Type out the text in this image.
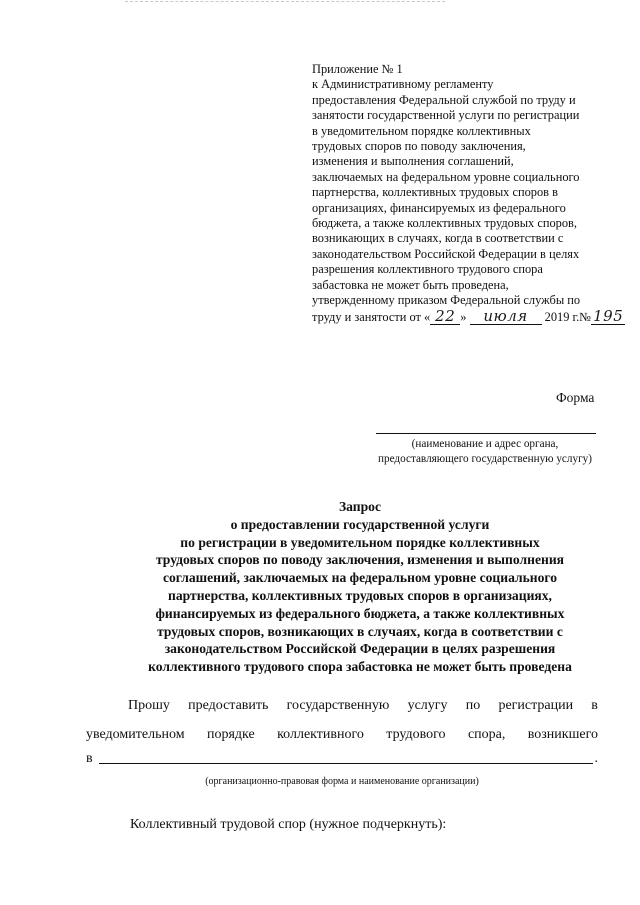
Приложение № 1
к Административному регламенту
предоставления Федеральной службой по труду и
занятости государственной услуги по регистрации
в уведомительном порядке коллективных
трудовых споров по поводу заключения,
изменения и выполнения соглашений,
заключаемых на федеральном уровне социального
партнерства, коллективных трудовых споров в
организациях, финансируемых из федерального
бюджета, а также коллективных трудовых споров,
возникающих в случаях, когда в соответствии с
законодательством Российской Федерации в целях
разрешения коллективного трудового спора
забастовка не может быть проведена,
утвержденному приказом Федеральной службы по
труду и занятости от « 22 » июля 2019 г.№ 195
Форма
(наименование и адрес органа,
предоставляющего государственную услугу)
Запрос
о предоставлении государственной услуги
по регистрации в уведомительном порядке коллективных
трудовых споров по поводу заключения, изменения и выполнения
соглашений, заключаемых на федеральном уровне социального
партнерства, коллективных трудовых споров в организациях,
финансируемых из федерального бюджета, а также коллективных
трудовых споров, возникающих в случаях, когда в соответствии с
законодательством Российской Федерации в целях разрешения
коллективного трудового спора забастовка не может быть проведена
Прошу предоставить государственную услугу по регистрации в
уведомительном порядке коллективного трудового спора, возникшего
в	.
(организационно-правовая форма и наименование организации)
Коллективный трудовой спор (нужное подчеркнуть):
